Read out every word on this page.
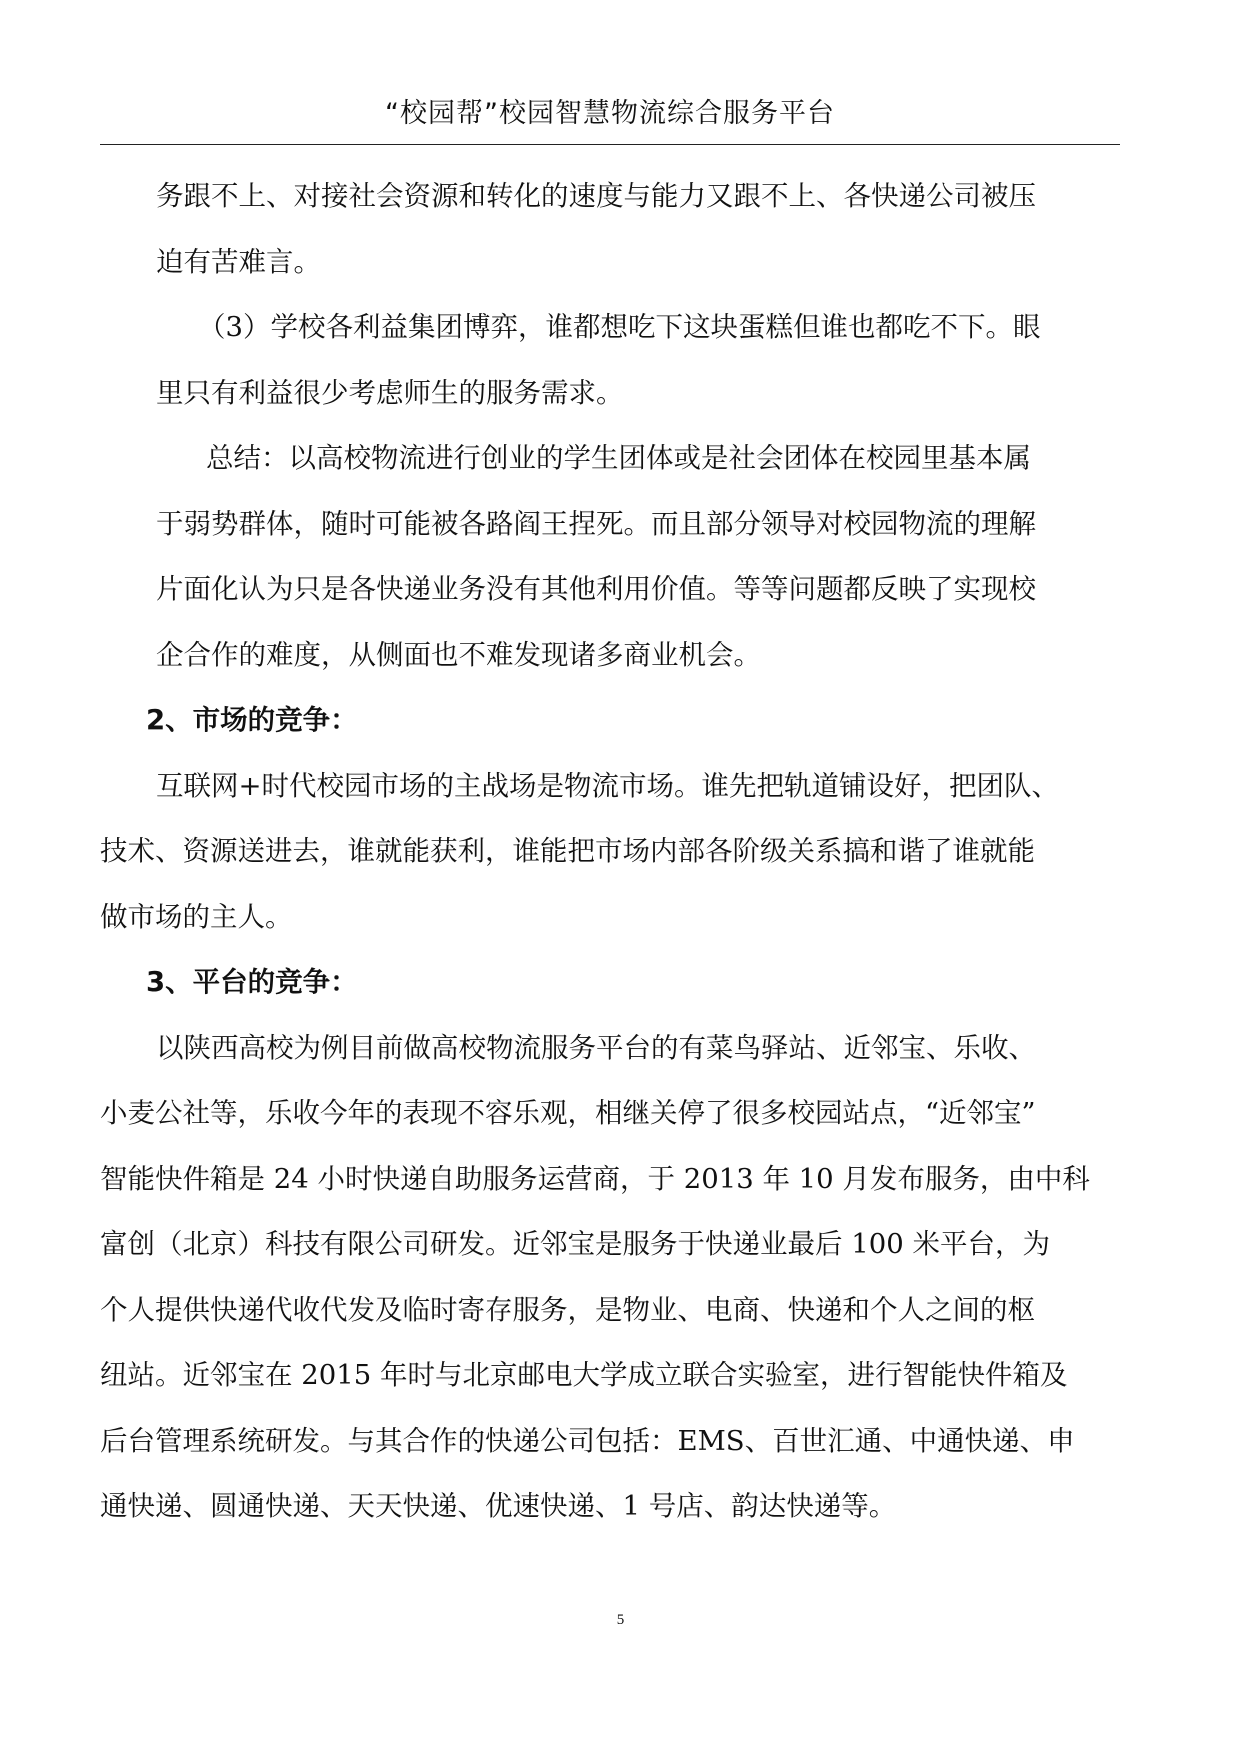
“校园帮”校园智慧物流综合服务平台
务跟不上、对接社会资源和转化的速度与能力又跟不上、各快递公司被压
迫有苦难言。
（3）学校各利益集团博弈，谁都想吃下这块蛋糕但谁也都吃不下。眼
里只有利益很少考虑师生的服务需求。
总结：以高校物流进行创业的学生团体或是社会团体在校园里基本属
于弱势群体，随时可能被各路阎王捏死。而且部分领导对校园物流的理解
片面化认为只是各快递业务没有其他利用价值。等等问题都反映了实现校
企合作的难度，从侧面也不难发现诸多商业机会。
2、市场的竞争：
互联网+时代校园市场的主战场是物流市场。谁先把轨道铺设好，把团队、
技术、资源送进去，谁就能获利，谁能把市场内部各阶级关系搞和谐了谁就能
做市场的主人。
3、平台的竞争：
以陕西高校为例目前做高校物流服务平台的有菜鸟驿站、近邻宝、乐收、
小麦公社等，乐收今年的表现不容乐观，相继关停了很多校园站点，“近邻宝”
智能快件箱是 24 小时快递自助服务运营商，于 2013 年 10 月发布服务，由中科
富创（北京）科技有限公司研发。近邻宝是服务于快递业最后 100 米平台，为
个人提供快递代收代发及临时寄存服务，是物业、电商、快递和个人之间的枢
纽站。近邻宝在 2015 年时与北京邮电大学成立联合实验室，进行智能快件箱及
后台管理系统研发。与其合作的快递公司包括：EMS、百世汇通、中通快递、申
通快递、圆通快递、天天快递、优速快递、1 号店、韵达快递等。
5
